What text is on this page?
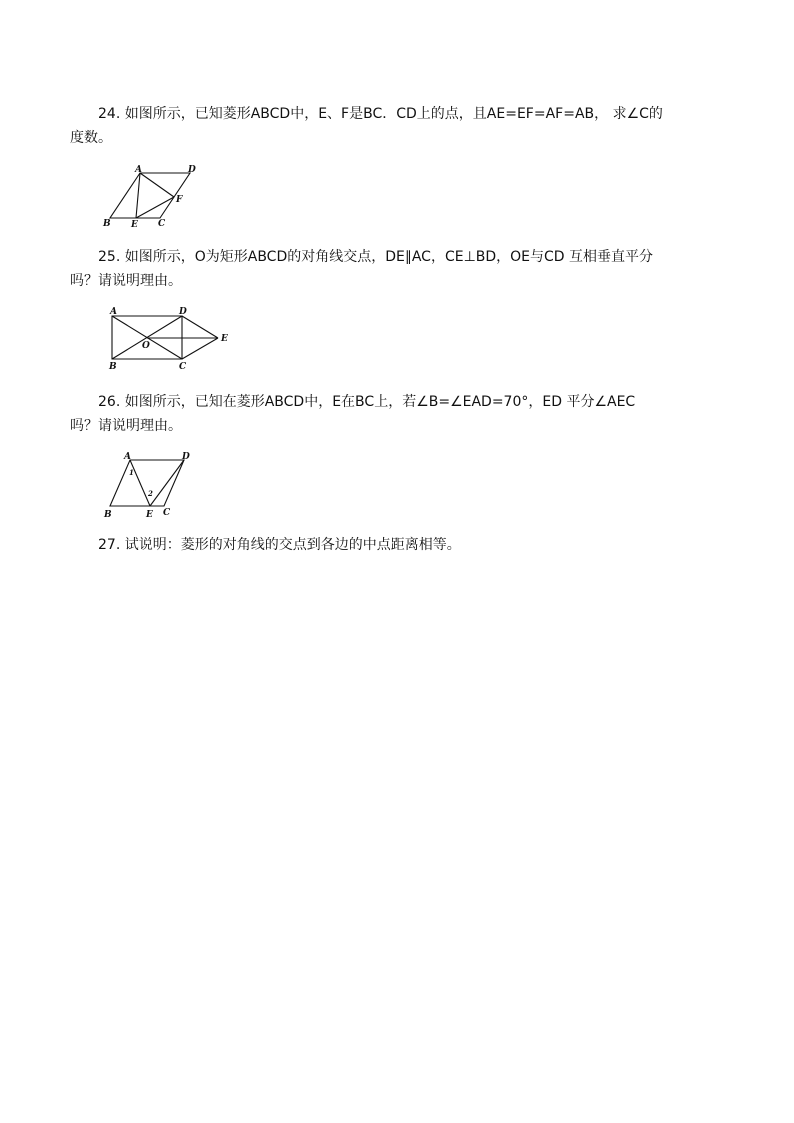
24. 如图所示，已知菱形ABCD中，E、F是BC．CD上的点，且AE=EF=AF=AB， 求∠C的

度数。

A	D
B E C
F

25. 如图所示，O为矩形ABCD的对角线交点，DE∥AC，CE⊥BD，OE与CD 互相垂直平分

吗？请说明理由。

A	D
B	C
O
E

26. 如图所示，已知在菱形ABCD中，E在BC上，若∠B=∠EAD=70°，ED 平分∠AEC

吗？请说明理由。

A	D
B	E C
1
2

27. 试说明：菱形的对角线的交点到各边的中点距离相等。
